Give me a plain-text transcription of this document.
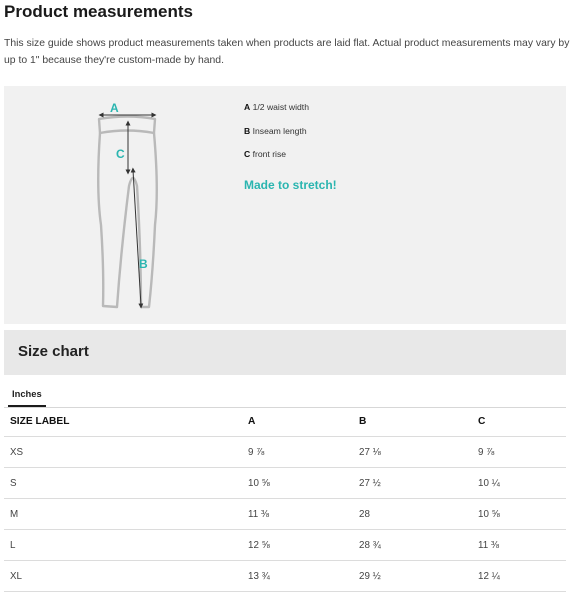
Product measurements

This size guide shows product measurements taken when products are laid flat. Actual product measurements may vary by up to 1" because they're custom-made by hand.

A
C
B
A 1/2 waist width
B Inseam length
C front rise
Made to stretch!
Size chart
Inches
SIZE LABEL	A	B	C
XS	9 ⅞	27 ⅛	9 ⅞
S	10 ⅝	27 ½	10 ¼
M	11 ⅜	28	10 ⅝
L	12 ⅝	28 ¾	11 ⅜
XL	13 ¾	29 ½	12 ¼
